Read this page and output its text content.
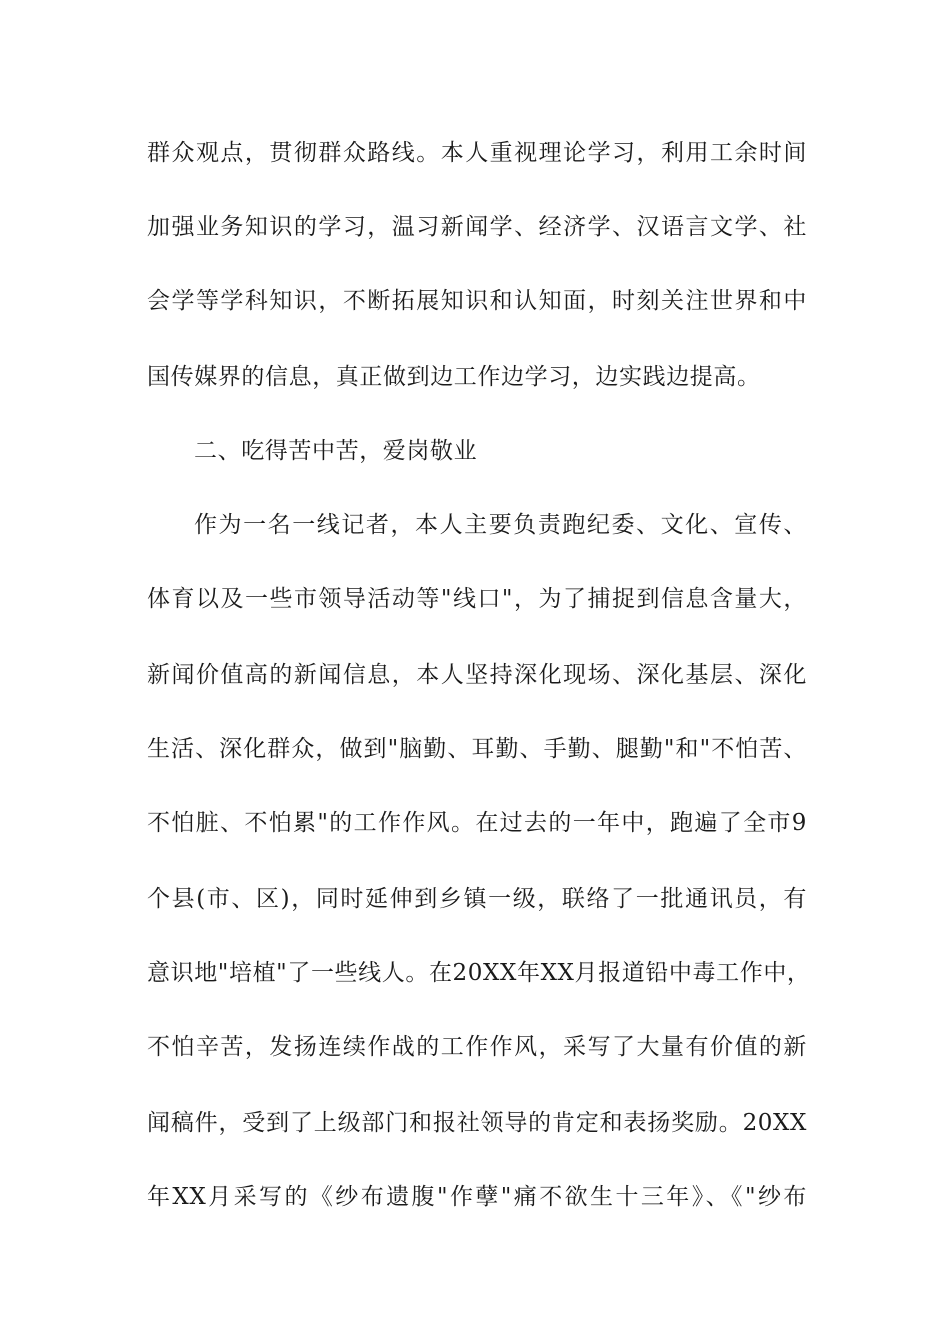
群众观点，贯彻群众路线。本人重视理论学习，利用工余时间
加强业务知识的学习，温习新闻学、经济学、汉语言文学、社
会学等学科知识，不断拓展知识和认知面，时刻关注世界和中
国传媒界的信息，真正做到边工作边学习，边实践边提高。
二、吃得苦中苦，爱岗敬业
作为一名一线记者，本人主要负责跑纪委、文化、宣传、
体育以及一些市领导活动等"线口"，为了捕捉到信息含量大，
新闻价值高的新闻信息，本人坚持深化现场、深化基层、深化
生活、深化群众，做到"脑勤、耳勤、手勤、腿勤"和"不怕苦、
不怕脏、不怕累"的工作作风。在过去的一年中，跑遍了全市9
个县(市、区)，同时延伸到乡镇一级，联络了一批通讯员，有
意识地"培植"了一些线人。在20XX年XX月报道铅中毒工作中，
不怕辛苦，发扬连续作战的工作作风，采写了大量有价值的新
闻稿件，受到了上级部门和报社领导的肯定和表扬奖励。20XX
年XX月采写的《纱布遗腹"作孽"痛不欲生十三年》、《"纱布
